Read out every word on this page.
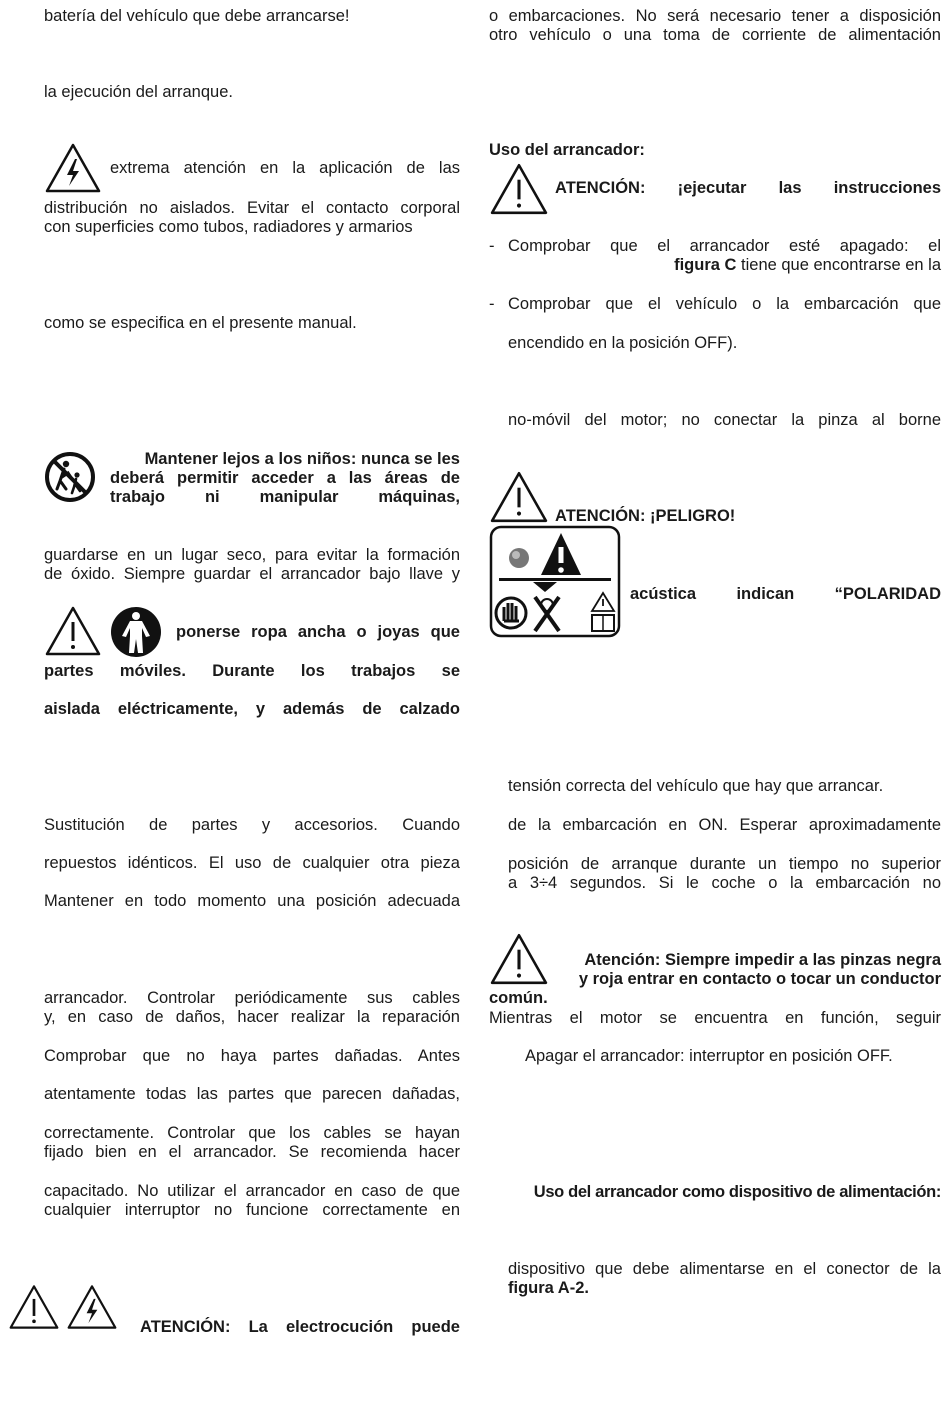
batería del vehículo que debe arrancarse!
la ejecución del arranque.
extrema atención en la aplicación de las
distribución no aislados. Evitar el contacto corporal
con superficies como tubos, radiadores y armarios
como se especifica en el presente manual.
Mantener lejos a los niños: nunca se les
deberá permitir acceder a las áreas de
trabajo ni manipular máquinas,
guardarse en un lugar seco, para evitar la formación
de óxido. Siempre guardar el arrancador bajo llave y
ponerse ropa ancha o joyas que
partes móviles. Durante los trabajos se
aislada eléctricamente, y además de calzado
Sustitución de partes y accesorios. Cuando
repuestos idénticos. El uso de cualquier otra pieza
Mantener en todo momento una posición adecuada
arrancador. Controlar periódicamente sus cables
y, en caso de daños, hacer realizar la reparación
Comprobar que no haya partes dañadas. Antes
atentamente todas las partes que parecen dañadas,
correctamente. Controlar que los cables se hayan
fijado bien en el arrancador. Se recomienda hacer
capacitado. No utilizar el arrancador en caso de que
cualquier interruptor no funcione correctamente en
ATENCIÓN: La electrocución puede
o embarcaciones. No será necesario tener a disposición
otro vehículo o una toma de corriente de alimentación
Uso del arrancador:
ATENCIÓN: ¡ejecutar las instrucciones
- Comprobar que el arrancador esté apagado: el
figura C tiene que encontrarse en la
- Comprobar que el vehículo o la embarcación que
encendido en la posición OFF).
no-móvil del motor; no conectar la pinza al borne
ATENCIÓN: ¡PELIGRO!
acústica indican “POLARIDAD
tensión correcta del vehículo que hay que arrancar.
de la embarcación en ON. Esperar aproximadamente
posición de arranque durante un tiempo no superior
a 3÷4 segundos. Si le coche o la embarcación no
Atención: Siempre impedir a las pinzas negra
y roja entrar en contacto o tocar un conductor
común.
Mientras el motor se encuentra en función, seguir
Apagar el arrancador: interruptor en posición OFF.
Uso del arrancador como dispositivo de alimentación:
dispositivo que debe alimentarse en el conector de la
figura A-2.
